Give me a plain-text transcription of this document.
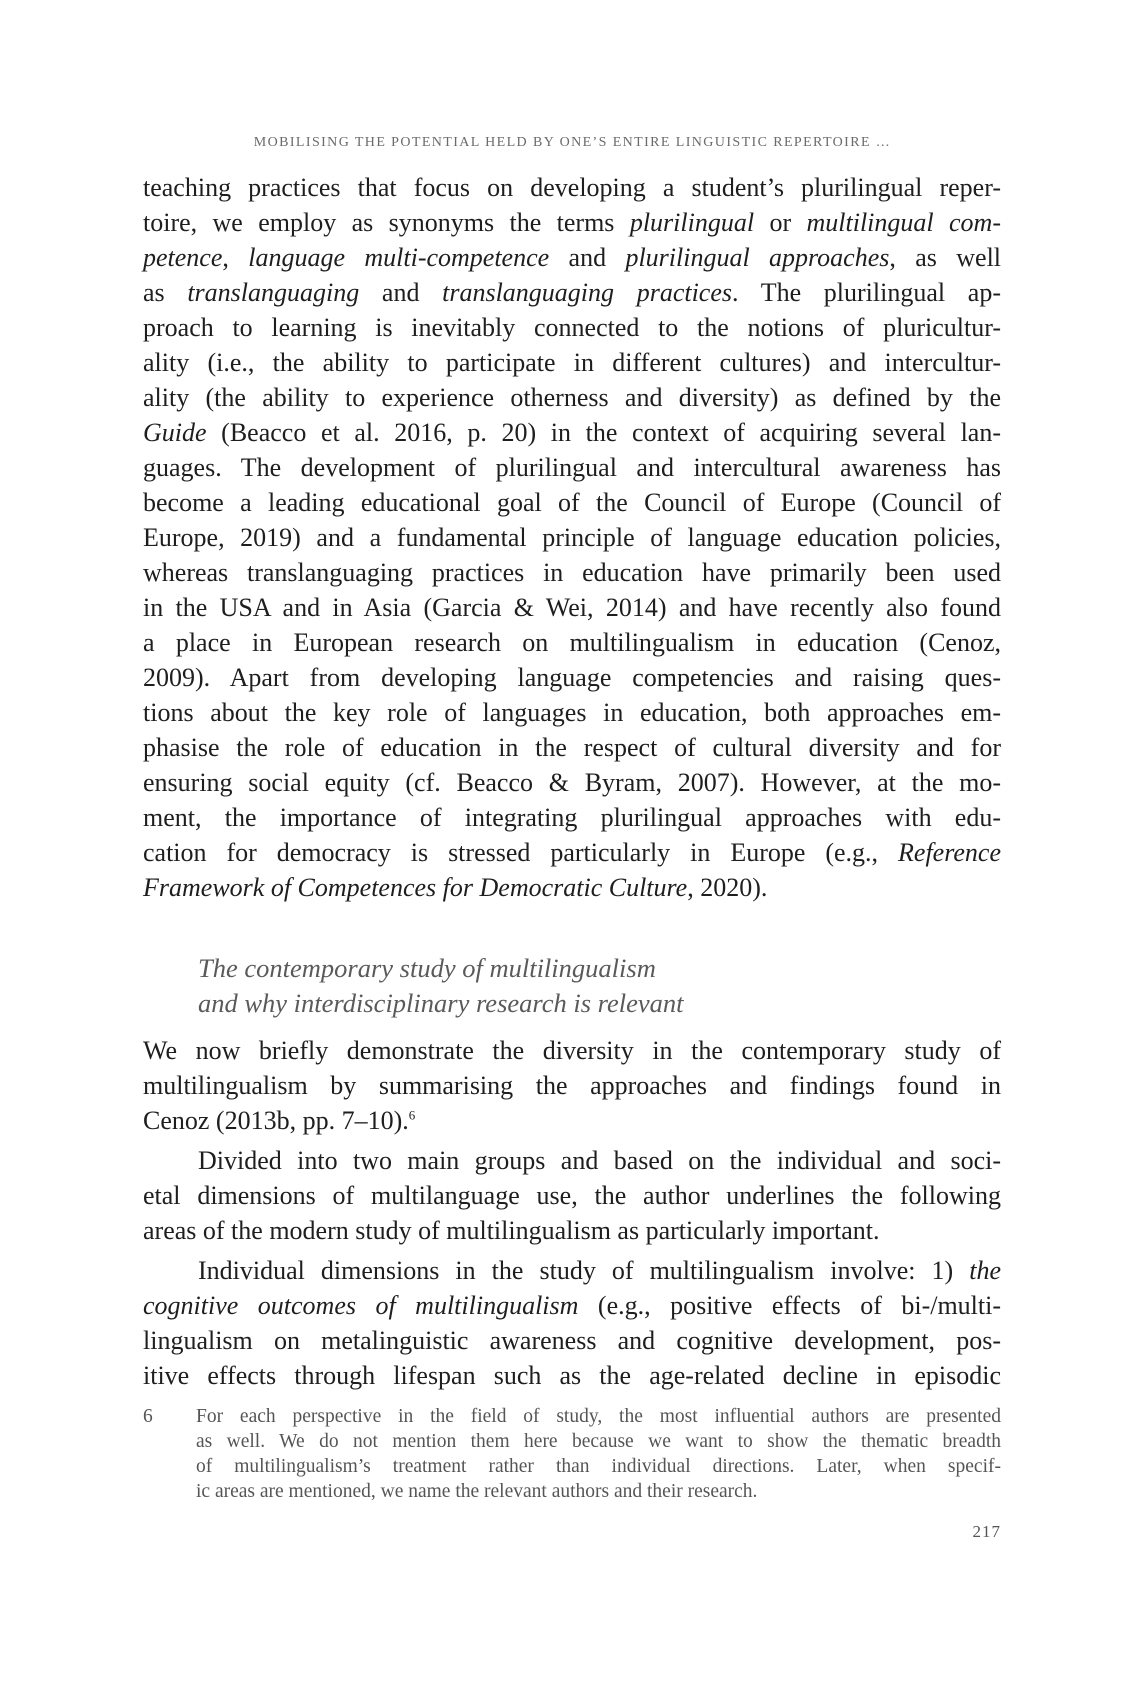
MOBILISING THE POTENTIAL HELD BY ONE’S ENTIRE LINGUISTIC REPERTOIRE …
teaching practices that focus on developing a student’s plurilingual reper-
toire, we employ as synonyms the terms plurilingual or multilingual com-
petence, language multi-competence and plurilingual approaches, as well
as translanguaging and translanguaging practices. The plurilingual ap-
proach to learning is inevitably connected to the notions of pluricultur-
ality (i.e., the ability to participate in different cultures) and intercultur-
ality (the ability to experience otherness and diversity) as defined by the
Guide (Beacco et al. 2016, p. 20) in the context of acquiring several lan-
guages. The development of plurilingual and intercultural awareness has
become a leading educational goal of the Council of Europe (Council of
Europe, 2019) and a fundamental principle of language education policies,
whereas translanguaging practices in education have primarily been used
in the USA and in Asia (Garcia & Wei, 2014) and have recently also found
a place in European research on multilingualism in education (Cenoz,
2009). Apart from developing language competencies and raising ques-
tions about the key role of languages in education, both approaches em-
phasise the role of education in the respect of cultural diversity and for
ensuring social equity (cf. Beacco & Byram, 2007). However, at the mo-
ment, the importance of integrating plurilingual approaches with edu-
cation for democracy is stressed particularly in Europe (e.g., Reference
Framework of Competences for Democratic Culture, 2020).
The contemporary study of multilingualism
and why interdisciplinary research is relevant
We now briefly demonstrate the diversity in the contemporary study of
multilingualism by summarising the approaches and findings found in
Cenoz (2013b, pp. 7–10).$^6$
Divided into two main groups and based on the individual and soci-
etal dimensions of multilanguage use, the author underlines the following
areas of the modern study of multilingualism as particularly important.
Individual dimensions in the study of multilingualism involve: 1) the
cognitive outcomes of multilingualism (e.g., positive effects of bi-/multi-
lingualism on metalinguistic awareness and cognitive development, pos-
itive effects through lifespan such as the age-related decline in episodic
6 For each perspective in the field of study, the most influential authors are presented
as well. We do not mention them here because we want to show the thematic breadth
of multilingualism’s treatment rather than individual directions. Later, when specif-
ic areas are mentioned, we name the relevant authors and their research.
217
